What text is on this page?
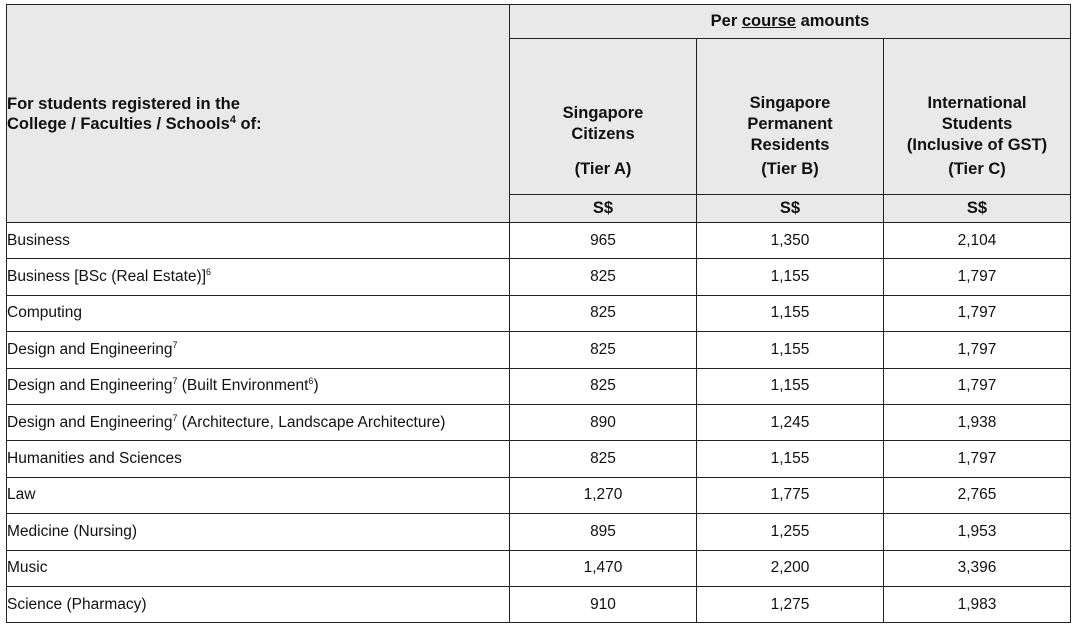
For students registered in the
College / Faculties / Schools$^4$ of:	Per course amounts		

	Singapore
Citizens
(Tier A)	Singapore
Permanent
Residents
(Tier B)	International
Students
(Inclusive of GST)
(Tier C)

	S$	S$	S$
Business	965	1,350	2,104
Business [BSc (Real Estate)]$^6$	825	1,155	1,797
Computing	825	1,155	1,797
Design and Engineering$^7$	825	1,155	1,797
Design and Engineering$^7$ (Built Environment$^6$)	825	1,155	1,797
Design and Engineering$^7$ (Architecture, Landscape Architecture)	890	1,245	1,938
Humanities and Sciences	825	1,155	1,797
Law	1,270	1,775	2,765
Medicine (Nursing)	895	1,255	1,953
Music	1,470	2,200	3,396
Science (Pharmacy)	910	1,275	1,983
